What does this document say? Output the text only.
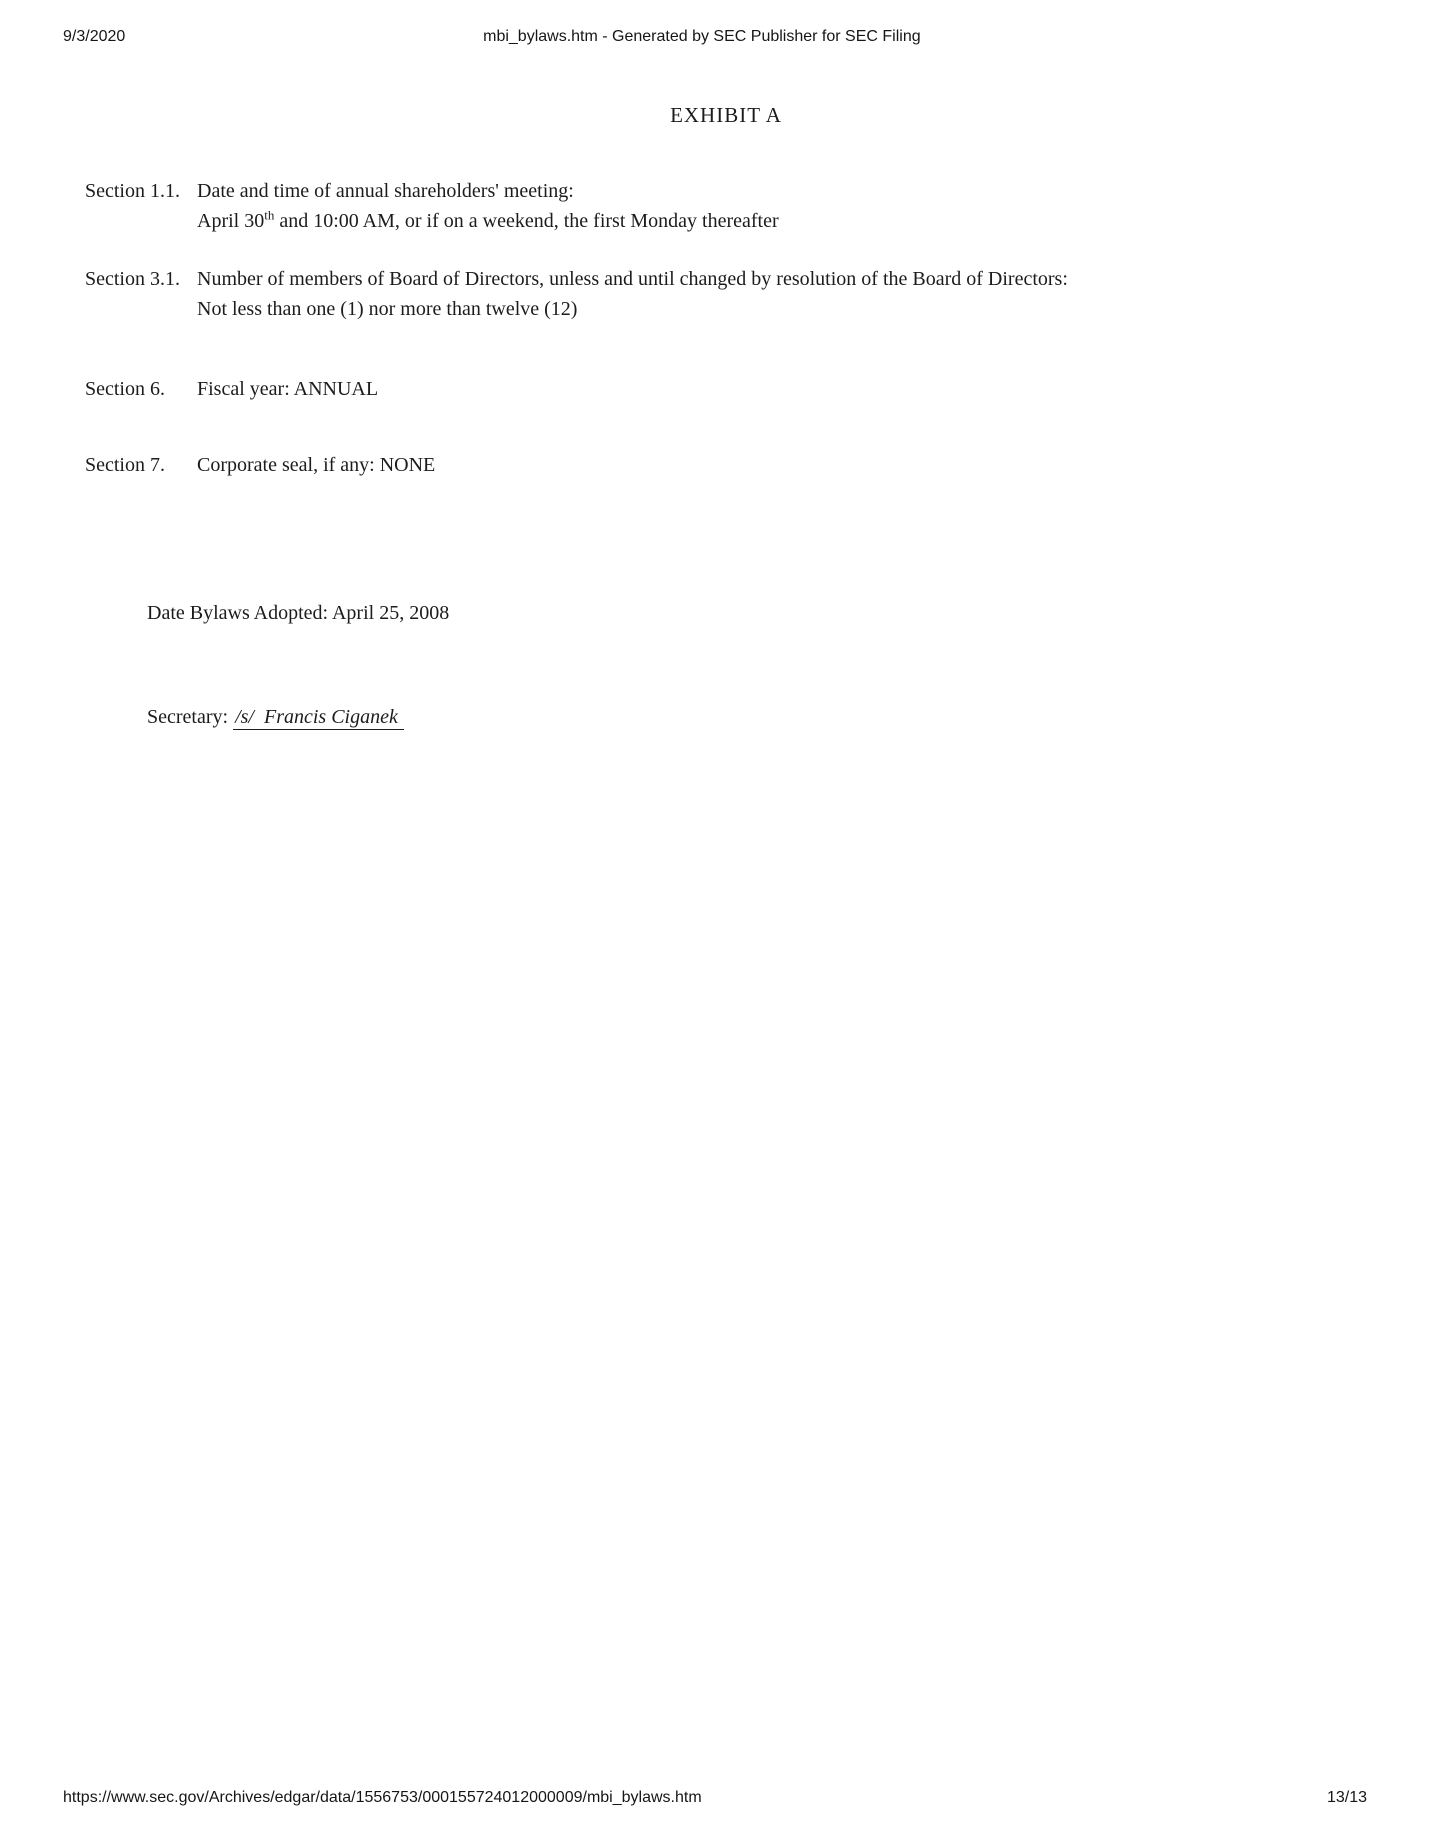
9/3/2020	mbi_bylaws.htm - Generated by SEC Publisher for SEC Filing
EXHIBIT A
Section 1.1. Date and time of annual shareholders' meeting:
April 30th and 10:00 AM, or if on a weekend, the first Monday thereafter
Section 3.1. Number of members of Board of Directors, unless and until changed by resolution of the Board of Directors:
Not less than one (1) nor more than twelve (12)
Section 6.	Fiscal year: ANNUAL
Section 7.	Corporate seal, if any: NONE

Date Bylaws Adopted: April 25, 2008

Secretary: /s/  Francis Ciganek

https://www.sec.gov/Archives/edgar/data/1556753/000155724012000009/mbi_bylaws.htm	13/13
